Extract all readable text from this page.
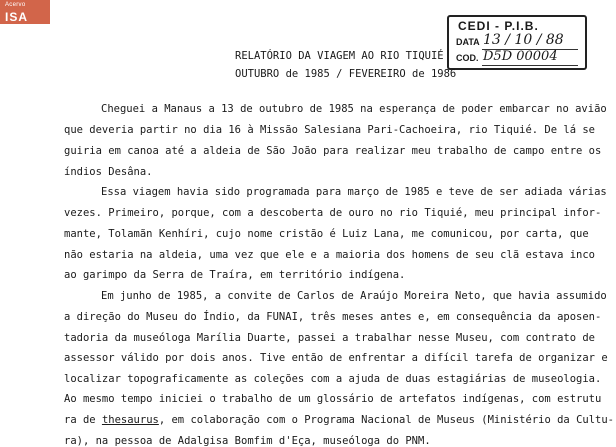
Acervo
ISA
CEDI - P.I.B.
DATA 13 / 10 / 88
COD. D5D 00004
RELATÓRIO DA VIAGEM AO RIO TIQUIÉ
OUTUBRO de 1985 / FEVEREIRO de 1986
Cheguei a Manaus a 13 de outubro de 1985 na esperança de poder embarcar no avião
que deveria partir no dia 16 à Missão Salesiana Pari-Cachoeira, rio Tiquié. De lá se
guiria em canoa até a aldeia de São João para realizar meu trabalho de campo entre os
índios Desâna.
Essa viagem havia sido programada para março de 1985 e teve de ser adiada várias
vezes. Primeiro, porque, com a descoberta de ouro no rio Tiquié, meu principal infor-
mante, Tolamãn Kenhíri, cujo nome cristão é Luiz Lana, me comunicou, por carta, que
não estaria na aldeia, uma vez que ele e a maioria dos homens de seu clã estava inco
ao garimpo da Serra de Traíra, em território indígena.
Em junho de 1985, a convite de Carlos de Araújo Moreira Neto, que havia assumido
a direção do Museu do Índio, da FUNAI, três meses antes e, em consequência da aposen-
tadoria da museóloga Marília Duarte, passei a trabalhar nesse Museu, com contrato de
assessor válido por dois anos. Tive então de enfrentar a difícil tarefa de organizar e
localizar topograficamente as coleções com a ajuda de duas estagiárias de museologia.
Ao mesmo tempo iniciei o trabalho de um glossário de artefatos indígenas, com estrutu
ra de thesaurus, em colaboração com o Programa Nacional de Museus (Ministério da Cultu-
ra), na pessoa de Adalgisa Bomfim d'Eça, museóloga do PNM.
